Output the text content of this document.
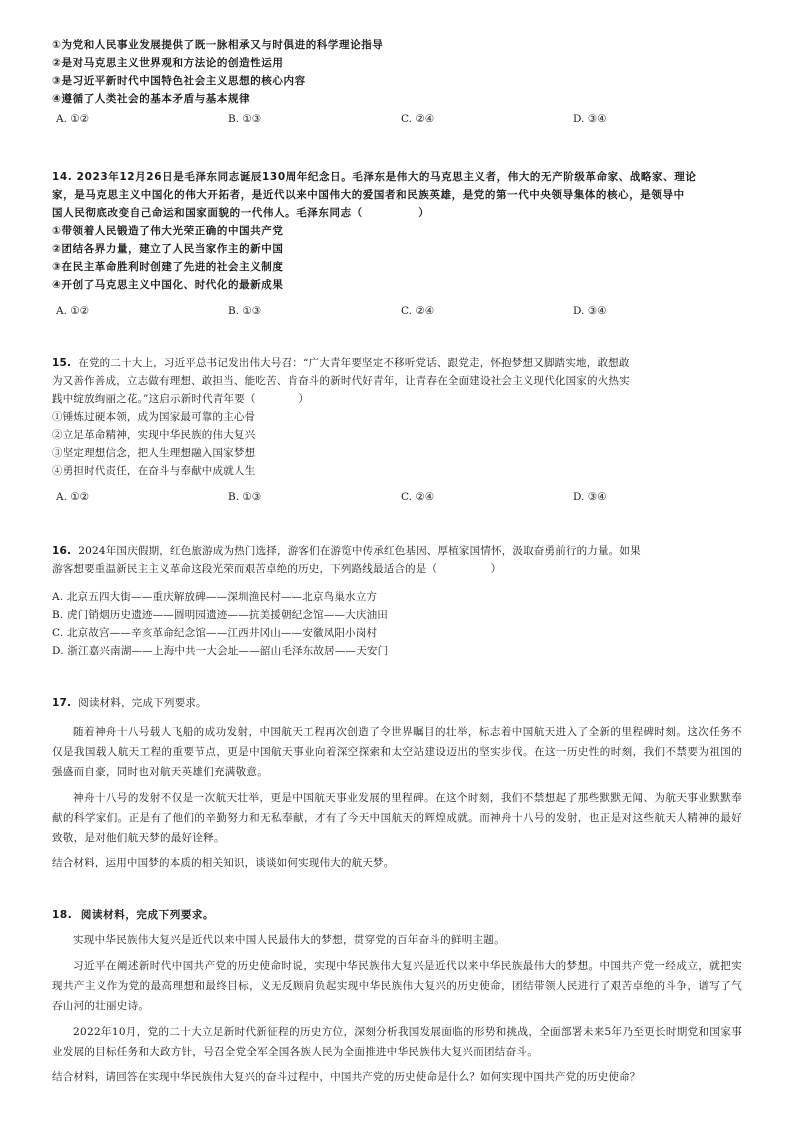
①为党和人民事业发展提供了既一脉相承又与时俱进的科学理论指导
②是对马克思主义世界观和方法论的创造性运用
③是习近平新时代中国特色社会主义思想的核心内容
④遵循了人类社会的基本矛盾与基本规律
A. ①②	B. ①③	C. ②④	D. ③④
14. 2023年12月26日是毛泽东同志诞辰130周年纪念日。毛泽东是伟大的马克思主义者，伟大的无产阶级革命家、战略家、理论
家，是马克思主义中国化的伟大开拓者，是近代以来中国伟大的爱国者和民族英雄，是党的第一代中央领导集体的核心，是领导中
国人民彻底改变自己命运和国家面貌的一代伟人。毛泽东同志（　　　　　）
①带领着人民锻造了伟大光荣正确的中国共产党
②团结各界力量，建立了人民当家作主的新中国
③在民主革命胜利时创建了先进的社会主义制度
④开创了马克思主义中国化、时代化的最新成果
A. ①②	B. ①③	C. ②④	D. ③④
15. 在党的二十大上，习近平总书记发出伟大号召：“广大青年要坚定不移听党话、跟党走，怀抱梦想又脚踏实地，敢想敢
为又善作善成，立志做有理想、敢担当、能吃苦、肯奋斗的新时代好青年，让青春在全面建设社会主义现代化国家的火热实
践中绽放绚丽之花。”这启示新时代青年要（　　　　）
①锤炼过硬本领，成为国家最可靠的主心骨
②立足革命精神，实现中华民族的伟大复兴
③坚定理想信念，把人生理想融入国家梦想
④勇担时代责任，在奋斗与奉献中成就人生
A. ①②	B. ①③	C. ②④	D. ③④
16. 2024年国庆假期，红色旅游成为热门选择，游客们在游览中传承红色基因、厚植家国情怀，汲取奋勇前行的力量。如果
游客想要重温新民主主义革命这段光荣而艰苦卓绝的历史，下列路线最适合的是（　　　　　）
A. 北京五四大街——重庆解放碑——深圳渔民村——北京鸟巢水立方
B. 虎门销烟历史遗迹——圆明园遗迹——抗美援朝纪念馆——大庆油田
C. 北京故宫——辛亥革命纪念馆——江西井冈山——安徽凤阳小岗村
D. 浙江嘉兴南湖——上海中共一大会址——韶山毛泽东故居——天安门
17. 阅读材料，完成下列要求。

随着神舟十八号载人飞船的成功发射，中国航天工程再次创造了令世界瞩目的壮举，标志着中国航天进入了全新的里程碑时刻。这次任务不仅是我国载人航天工程的重要节点，更是中国航天事业向着深空探索和太空站建设迈出的坚实步伐。在这一历史性的时刻，我们不禁要为祖国的强盛而自豪，同时也对航天英雄们充满敬意。

神舟十八号的发射不仅是一次航天壮举，更是中国航天事业发展的里程碑。在这个时刻，我们不禁想起了那些默默无闻、为航天事业默默奉献的科学家们。正是有了他们的辛勤努力和无私奉献，才有了今天中国航天的辉煌成就。而神舟十八号的发射，也正是对这些航天人精神的最好致敬，是对他们航天梦的最好诠释。

结合材料，运用中国梦的本质的相关知识，谈谈如何实现伟大的航天梦。
18. 阅读材料，完成下列要求。

实现中华民族伟大复兴是近代以来中国人民最伟大的梦想，贯穿党的百年奋斗的鲜明主题。

习近平在阐述新时代中国共产党的历史使命时说，实现中华民族伟大复兴是近代以来中华民族最伟大的梦想。中国共产党一经成立，就把实现共产主义作为党的最高理想和最终目标，义无反顾肩负起实现中华民族伟大复兴的历史使命，团结带领人民进行了艰苦卓绝的斗争，谱写了气吞山河的壮丽史诗。

2022年10月，党的二十大立足新时代新征程的历史方位，深刻分析我国发展面临的形势和挑战，全面部署未来5年乃至更长时期党和国家事业发展的目标任务和大政方针，号召全党全军全国各族人民为全面推进中华民族伟大复兴而团结奋斗。

结合材料，请回答在实现中华民族伟大复兴的奋斗过程中，中国共产党的历史使命是什么？如何实现中国共产党的历史使命？
